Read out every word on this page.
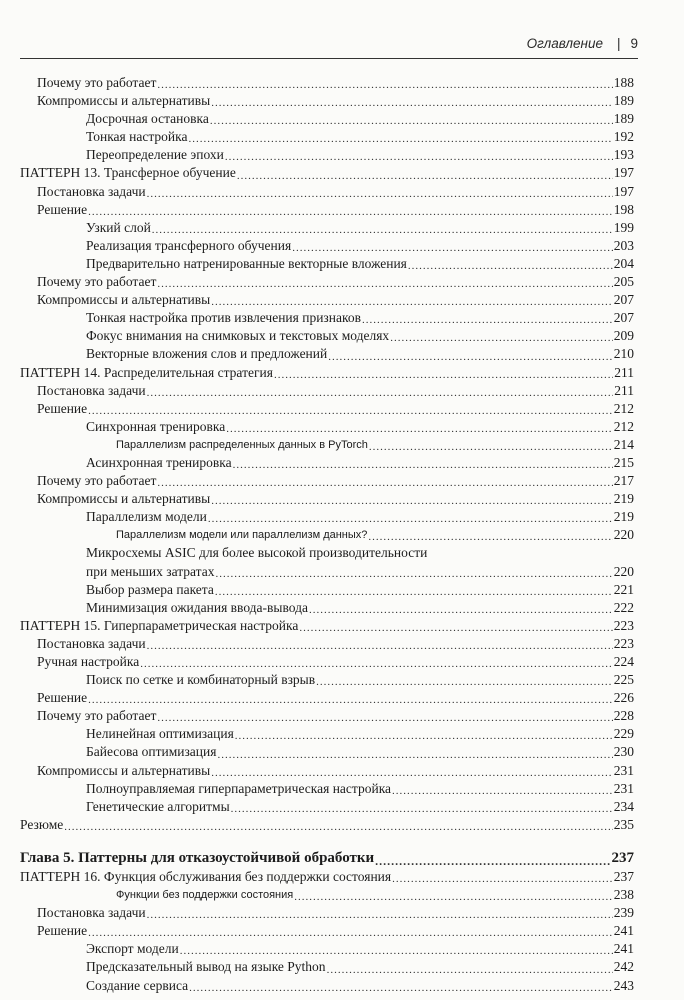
Оглавление | 9
Почему это работает .....	188
Компромиссы и альтернативы .....	189
Досрочная остановка .....	189
Тонкая настройка .....	192
Переопределение эпохи .....	193
ПАТТЕРН 13. Трансферное обучение .....	197
Постановка задачи .....	197
Решение .....	198
Узкий слой .....	199
Реализация трансферного обучения .....	203
Предварительно натренированные векторные вложения .....	204
Почему это работает .....	205
Компромиссы и альтернативы .....	207
Тонкая настройка против извлечения признаков .....	207
Фокус внимания на снимковых и текстовых моделях .....	209
Векторные вложения слов и предложений .....	210
ПАТТЕРН 14. Распределительная стратегия .....	211
Постановка задачи .....	211
Решение .....	212
Синхронная тренировка .....	212
Параллелизм распределенных данных в PyTorch .....	214
Асинхронная тренировка .....	215
Почему это работает .....	217
Компромиссы и альтернативы .....	219
Параллелизм модели .....	219
Параллелизм модели или параллелизм данных? .....	220
Микросхемы ASIC для более высокой производительности
при меньших затратах .....	220
Выбор размера пакета .....	221
Минимизация ожидания ввода-вывода .....	222
ПАТТЕРН 15. Гиперпараметрическая настройка .....	223
Постановка задачи .....	223
Ручная настройка .....	224
Поиск по сетке и комбинаторный взрыв .....	225
Решение .....	226
Почему это работает .....	228
Нелинейная оптимизация .....	229
Байесова оптимизация .....	230
Компромиссы и альтернативы .....	231
Полноуправляемая гиперпараметрическая настройка .....	231
Генетические алгоритмы .....	234
Резюме .....	235
Глава 5. Паттерны для отказоустойчивой обработки .....	237
ПАТТЕРН 16. Функция обслуживания без поддержки состояния .....	237
Функции без поддержки состояния .....	238
Постановка задачи .....	239
Решение .....	241
Экспорт модели .....	241
Предсказательный вывод на языке Python .....	242
Создание сервиса .....	243
